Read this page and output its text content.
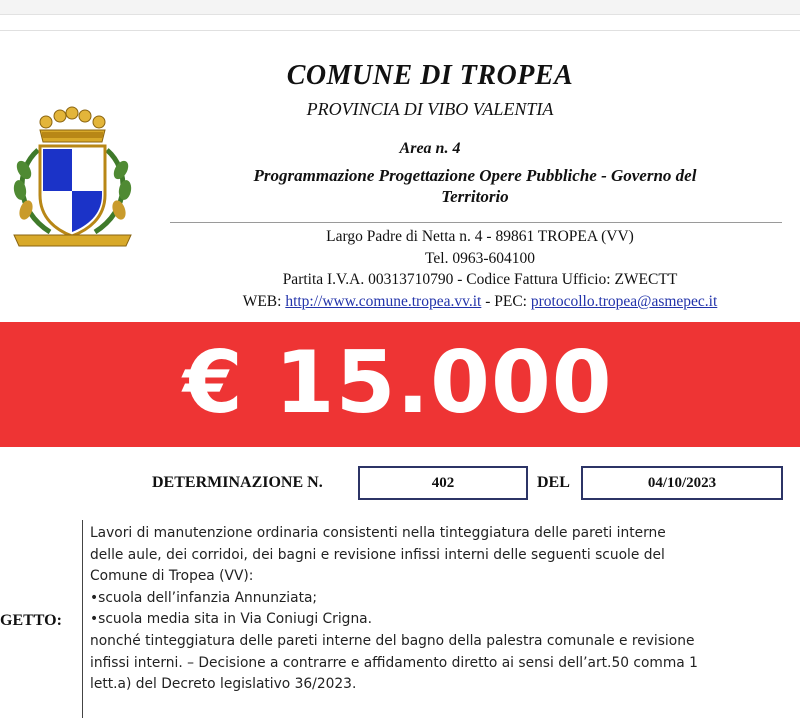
COMUNE DI TROPEA
PROVINCIA DI VIBO VALENTIA
Area n. 4
Programmazione Progettazione Opere Pubbliche - Governo del
Territorio
Largo Padre di Netta n. 4 - 89861 TROPEA (VV)
Tel. 0963-604100
Partita I.V.A. 00313710790 - Codice Fattura Ufficio: ZWECTT
WEB: http://www.comune.tropea.vv.it - PEC: protocollo.tropea@asmepec.it
€ 15.000
DETERMINAZIONE N.	402	DEL	04/10/2023
GETTO:
Lavori di manutenzione ordinaria consistenti nella tinteggiatura delle pareti interne
delle aule, dei corridoi, dei bagni e revisione infissi interni delle seguenti scuole del
Comune di Tropea (VV):
•scuola dell’infanzia Annunziata;
•scuola media sita in Via Coniugi Crigna.
nonché tinteggiatura delle pareti interne del bagno della palestra comunale e revisione
infissi interni. – Decisione a contrarre e affidamento diretto ai sensi dell’art.50 comma 1
lett.a) del Decreto legislativo 36/2023.
